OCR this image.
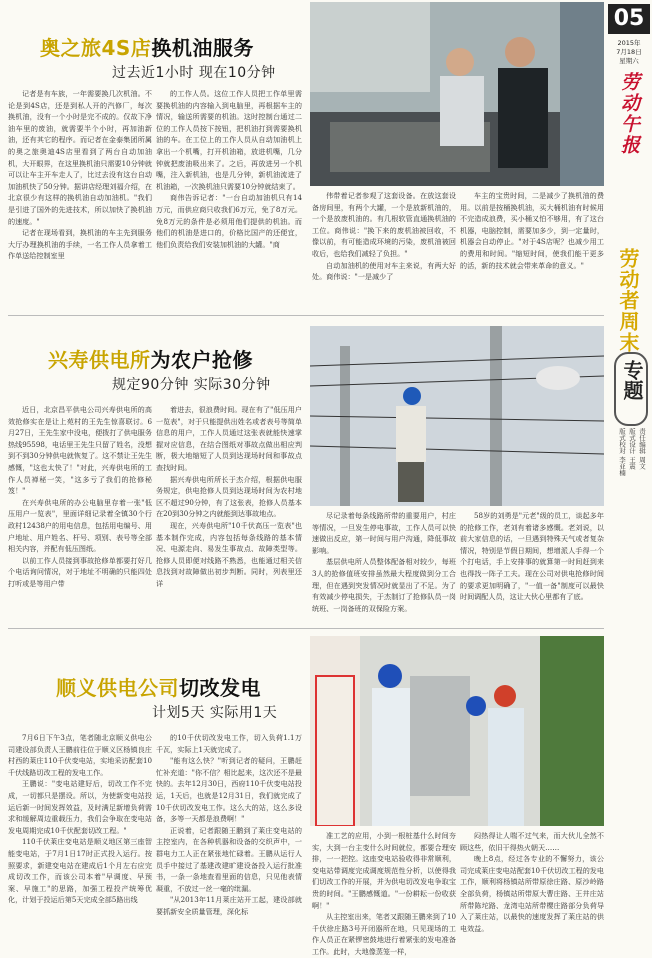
05
2015年
7月18日
星期六
劳动午报
劳动者周末
专题
责任编辑 周文
版式设计 王震
版式校对 李亚楠
奥之旅4S店换机油服务
过去近1小时 现在10分钟

记者是有车族，一年需要换几次机油。不论是到4S店，还是到私人开的汽修厂，每次换机油，没有一个小时是完不成的。仅故下净油车里的废油，就需要半个小时，再加油新油，还有其它的程序。而记者在金泰集团所属的奥之旅奥迪4S店里看到了两台自动加油机，大开眼界，在这里换机油只需要10分钟就可以让车主开车走人了，比过去没有这台自动加油机快了50分钟。据讲店经理刘福介绍，在北京很少有这样的换机油自动加油机。"我们是引进了国外的先进技术，所以加快了换机油的速度。"

记者在现场看到，换机油的车主先到服务大厅办理换机油的手续，一名工作人员拿着工作单送给控制室里

的工作人员。这位工作人员把工作单里需要换机油的内容输入到电脑里，再根据车主的情况，输送所需要的机油。这时控制台通过二位的工作人员按下按钮，把机油打到需要换机油的车。在工位上的工作人员从自动加油机上拿出一个机嘴，打开机油箱，放进机嘴，几分钟就把废油吸出来了。之后，再放进另一个机嘴，注入新机油，也是几分钟，新机油流进了机油箱，一次换机油只需要10分钟就结束了。

商伟告诉记者："一台自动加油机只有14万元，而供应商只收我们6万元，免了8万元。免8万元的条件是必须用他们提供的机油。而他们的机油是进口的，价格比国产的还便宜，他们负责给我们安装加机油的大罐。"商

伟带着记者参观了这套设备。在放这套设备房间里，有两个大罐，一个是放新机油的，一个是放废机油的。有几根软管直通换机油的工位。商伟说："换下来的废机油被回收，不像以前，有可能造成环境的污染，废机油被回收后，也给我们减轻了负担。"

自动加油机的使用对车主来说，有两大好处。商伟说："一是减少了

车主的宝贵时间，二是减少了换机油的费用。以前是按桶换机油，买大桶机油有时候用不完造成浪费，买小桶又怕不够用，有了这台机器，电脑控制，需要加多少，到一定量时，机器会自动停止。"对于4S店呢？也减少用工的费用和时间。"缩短时间，使我们能干更多的活，新的技术就会带来革命的意义。"

兴寿供电所为农户抢修
规定90分钟 实际30分钟

近日，北京昌平供电公司兴寿供电所的高效抢修实在是让上苑村的王先生惊喜联讨。6月27日，王先生家中没电，便拨打了供电服务热线95598，电话里王先生只留了姓名，没想到不到30分钟供电就恢复了。这不禁让王先生感慨，"这也太快了！"对此，兴寿供电所的工作人员禅秘一笑，"这多亏了我们的抢修秘笈！"

在兴寿供电所的办公电脑里存着一张"低压用户一览表"，里面详细记录着全镇30个行政村12438户的用电信息，包括用电编号、用户地址、用户姓名、杆号、项别、表号等全部相关内容，并配有低压图纸。

以前工作人员接到事故抢修单都要打好几个电话询问情况，对于地址不明确的只能四处打听或是等用户带

着进去，很浪费时间。现在有了"低压用户一览表"，对于只能提供出姓名或者表号等简单信息的用户，工作人员通过这张表就能快速掌握对应信息，在结合图纸对事故点做出相应判断，极大地缩短了人员到达现场时间和事故点查找时间。

据兴寿供电所所长于杰介绍，根据供电服务规定，供电抢修人员到达现场时间为农村地区不超过90分钟，有了这张表，抢修人员基本在20到30分钟之内就能到达事故地点。

现在，兴寿供电所"10千伏高压一览表"也基本制作完成，内容包括每条线路的基本情况、电源走向、易发生事故点、故障类型等。抢修人员即便对线路不熟悉，也能通过相关信息找到对故障做出初步判断。同时，列表里还详

尽记录着每条线路所带的重要用户，村庄等情况，一旦发生停电事故，工作人员可以快速做出反应，第一时间与用户沟通，降低事故影响。

基层供电所人员整体配备相对较少，每班3人的抢修值班安排虽然最大程度做到分工合理，但在遇到突发情况时就显出了不足。为了有效减少停电损失，于杰制订了抢修队员一岗统班、一岗备班的双保险方案。

58岁的刘勇是"元老"级的员工，谈起多年的抢修工作，老刘有着诸多感慨。老刘说，以前大家信息的话，一旦遇到特殊天气或者复杂情况，特别是节假日期间，想增派人手得一个个打电话，手上安排事的就算第一时间赶到来也得找一阵子工夫。现在公司对供电抢修时间的要求更加明确了，"一值一备"制度可以最快时间调配人员，这让大伙心里都有了底。

顺义供电公司切改发电
计划5天 实际用1天

7月6日下午3点，笔者随北京顺义供电公司建设部负责人王鹏前往位于顺义区杨镇良庄村西的莱庄110千伏变电站，实地采访配套10千伏线路切改工程的发电工作。

王鹏说："变电站建好后，切改工作不完成，一切都只是摆设。所以，为使新变电站投运后新一时间发挥效益，及时满足新增负荷需求和缓解周边重载压力，我们会争取在变电站发电周期完成10千伏配套切改工程。"

110千伏莱庄变电站是顺义地区第三座智能变电站，于7月1日17时正式投入运行。按照要求，新建变电站在建成后1个月左右应完成切改工作，而该公司本着"早调度、早预案、早施工"的思路，加强工程投产统筹优化，计划于投运后第5天完成全部5路出线

的10千伏切改发电工作，切入负荷1.1万千瓦，实际上1天就完成了。

"能有这么快？"听到记者的疑问，王鹏赶忙补充道："你不信？相比起来，这次还不是最快的。去年12月30日，西府110千伏变电站投运，1天后，也就是12月31日，我们就完成了10千伏切改发电工作。这么大的站，这么多设备，多等一天都是浪费啊！"

正说着，记者跟随王鹏到了莱庄变电站的主控室内，在各种机器和设备的交织声中，一群电力工人正在紧张地忙碌着。王鹏从运行人员手中接过了基建改建旷建设备投入运行批准书，一条一条地查看里面的信息，只见他表情凝重，不放过一丝一毫的纰漏。

"从2013年11月莱庄站开工起，建设部就要抓新安全质量管理，深化标

准工艺的应用，小到一根桩基什么时间夯实，大到一台主变什么时间就位，都要合理安排，一一把控。这座变电站验收得非常顺利，变电站带调度完成调度规范性分析，以使得我们切改工作的开展，并为供电切改发电争取宝贵的时间。"王鹏感慨道。"一份耕耘一份收获啊！"

从主控室出来，笔者又跟随王鹏来到了10千伏徐庄路3号开闭器所在地，只见现场的工作人员正在紧锣密鼓地进行着紧张的发电准备工作。此时，大地像蒸笼一样，

闷热得让人喘不过气来，而大伙儿全然不顾这些，依旧干得热火朝天……

晚上8点，经过各专业的不懈努力，该公司完成莱庄变电站配套10千伏切改工程的发电工作，顺利将杨镇站所带原徐庄路、原沙岭路全部负荷，杨镇站所带原大曹庄路、王井庄站所带陈坨路、龙湾屯站所带樱庄路部分负荷导入了莱庄站，以最快的速度发挥了莱庄站的供电效益。
